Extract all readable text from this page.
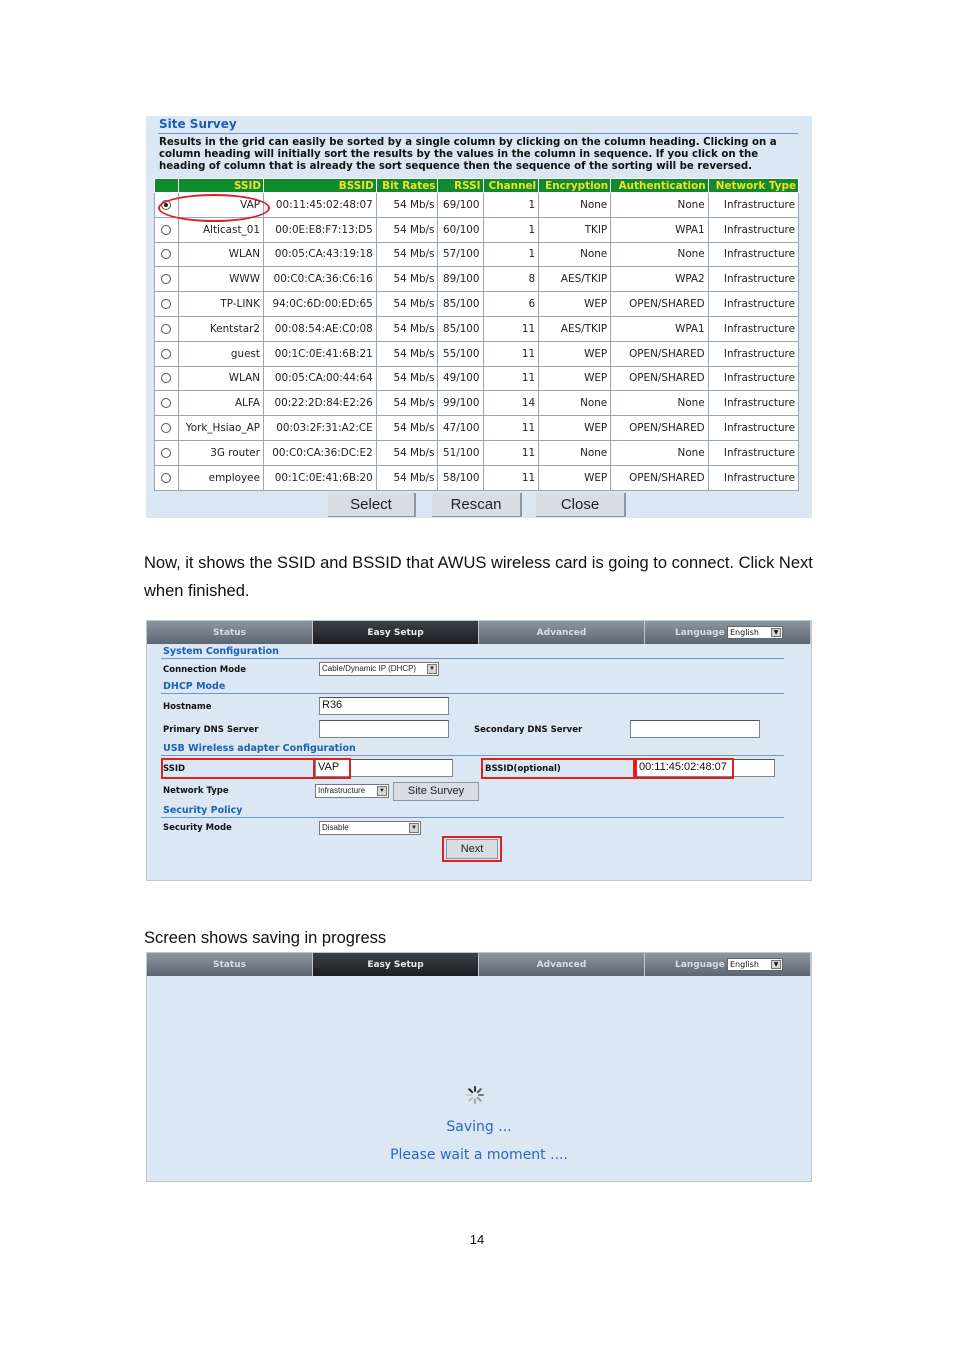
Site Survey
Results in the grid can easily be sorted by a single column by clicking on the column heading. Clicking on a column heading will initially sort the results by the values in the column in sequence. If you click on the heading of column that is already the sort sequence then the sequence of the sorting will be reversed.
	SSID	BSSID	Bit Rates	RSSI	Channel	Encryption	Authentication	Network Type
	VAP	00:11:45:02:48:07	54 Mb/s	69/100	1	None	None	Infrastructure
	Alticast_01	00:0E:E8:F7:13:D5	54 Mb/s	60/100	1	TKIP	WPA1	Infrastructure
	WLAN	00:05:CA:43:19:18	54 Mb/s	57/100	1	None	None	Infrastructure
	WWW	00:C0:CA:36:C6:16	54 Mb/s	89/100	8	AES/TKIP	WPA2	Infrastructure
	TP-LINK	94:0C:6D:00:ED:65	54 Mb/s	85/100	6	WEP	OPEN/SHARED	Infrastructure
	Kentstar2	00:08:54:AE:C0:08	54 Mb/s	85/100	11	AES/TKIP	WPA1	Infrastructure
	guest	00:1C:0E:41:6B:21	54 Mb/s	55/100	11	WEP	OPEN/SHARED	Infrastructure
	WLAN	00:05:CA:00:44:64	54 Mb/s	49/100	11	WEP	OPEN/SHARED	Infrastructure
	ALFA	00:22:2D:84:E2:26	54 Mb/s	99/100	14	None	None	Infrastructure
	York_Hsiao_AP	00:03:2F:31:A2:CE	54 Mb/s	47/100	11	WEP	OPEN/SHARED	Infrastructure
	3G router	00:C0:CA:36:DC:E2	54 Mb/s	51/100	11	None	None	Infrastructure
	employee	00:1C:0E:41:6B:20	54 Mb/s	58/100	11	WEP	OPEN/SHARED	Infrastructure
Select	Rescan	Close
Now, it shows the SSID and BSSID that AWUS wireless card is going to connect. Click Next when finished.
Status	Easy Setup	Advanced	Language English	▼
System Configuration
Connection Mode	Cable/Dynamic IP (DHCP)	▼
DHCP Mode
Hostname	R36
Primary DNS Server	Secondary DNS Server
USB Wireless adapter Configuration
SSID	VAP	BSSID(optional)	00:11:45:02:48:07
Network Type	Infrastructure	▼	Site Survey
Security Policy
Security Mode	Disable	▼
Next
Screen shows saving in progress
Status	Easy Setup	Advanced	Language English	▼
Saving ...
Please wait a moment ....
14
